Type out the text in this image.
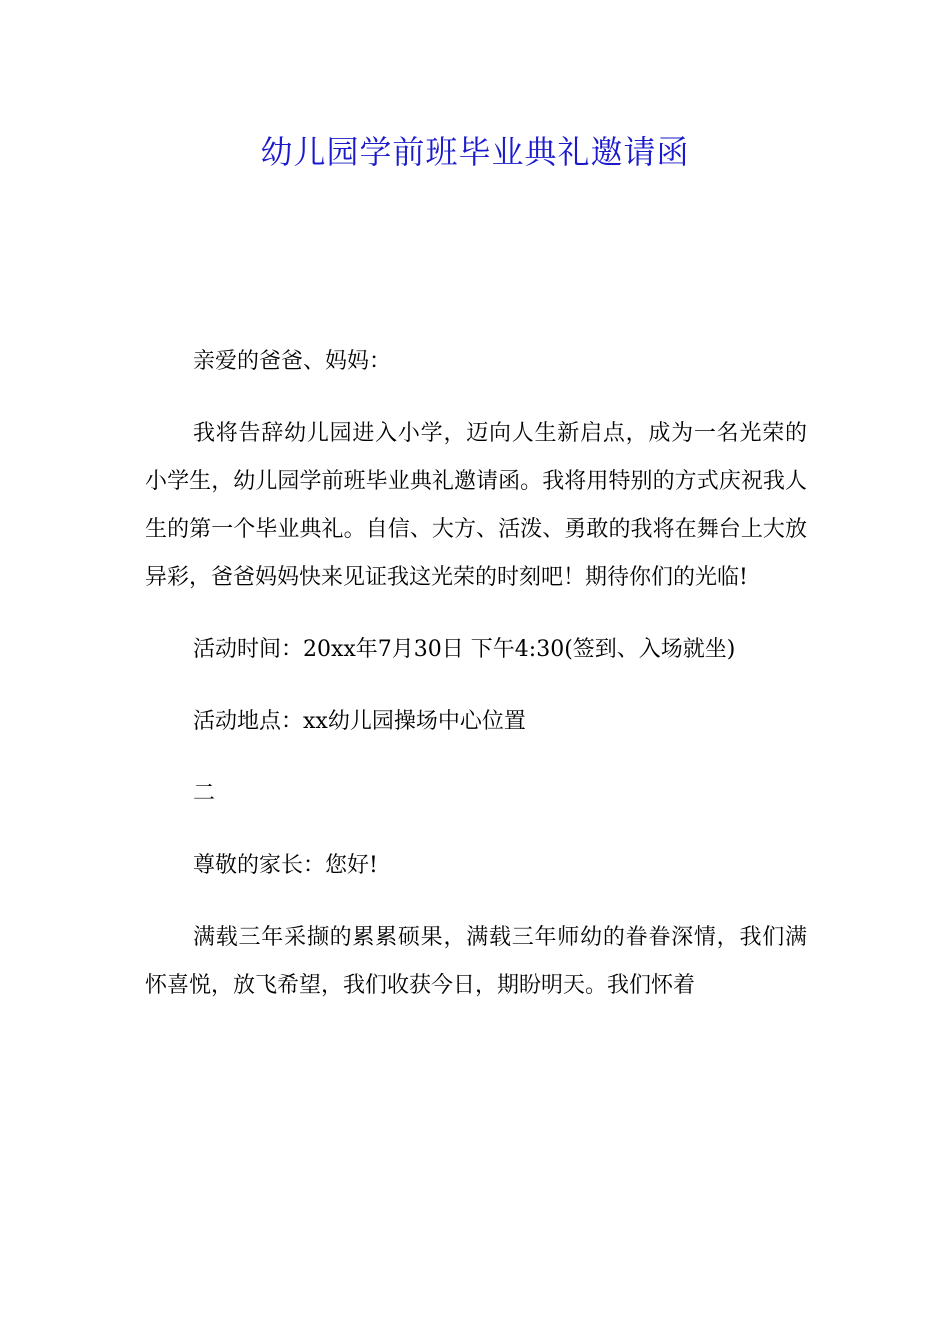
幼儿园学前班毕业典礼邀请函

亲爱的爸爸、妈妈：

我将告辞幼儿园进入小学，迈向人生新启点，成为一名光荣的小学生，幼儿园学前班毕业典礼邀请函。我将用特别的方式庆祝我人生的第一个毕业典礼。自信、大方、活泼、勇敢的我将在舞台上大放异彩，爸爸妈妈快来见证我这光荣的时刻吧！期待你们的光临!

活动时间：20xx年7月30日 下午4:30(签到、入场就坐)

活动地点：xx幼儿园操场中心位置

二

尊敬的家长：您好!

满载三年采撷的累累硕果，满载三年师幼的眷眷深情，我们满怀喜悦，放飞希望，我们收获今日，期盼明天。我们怀着
